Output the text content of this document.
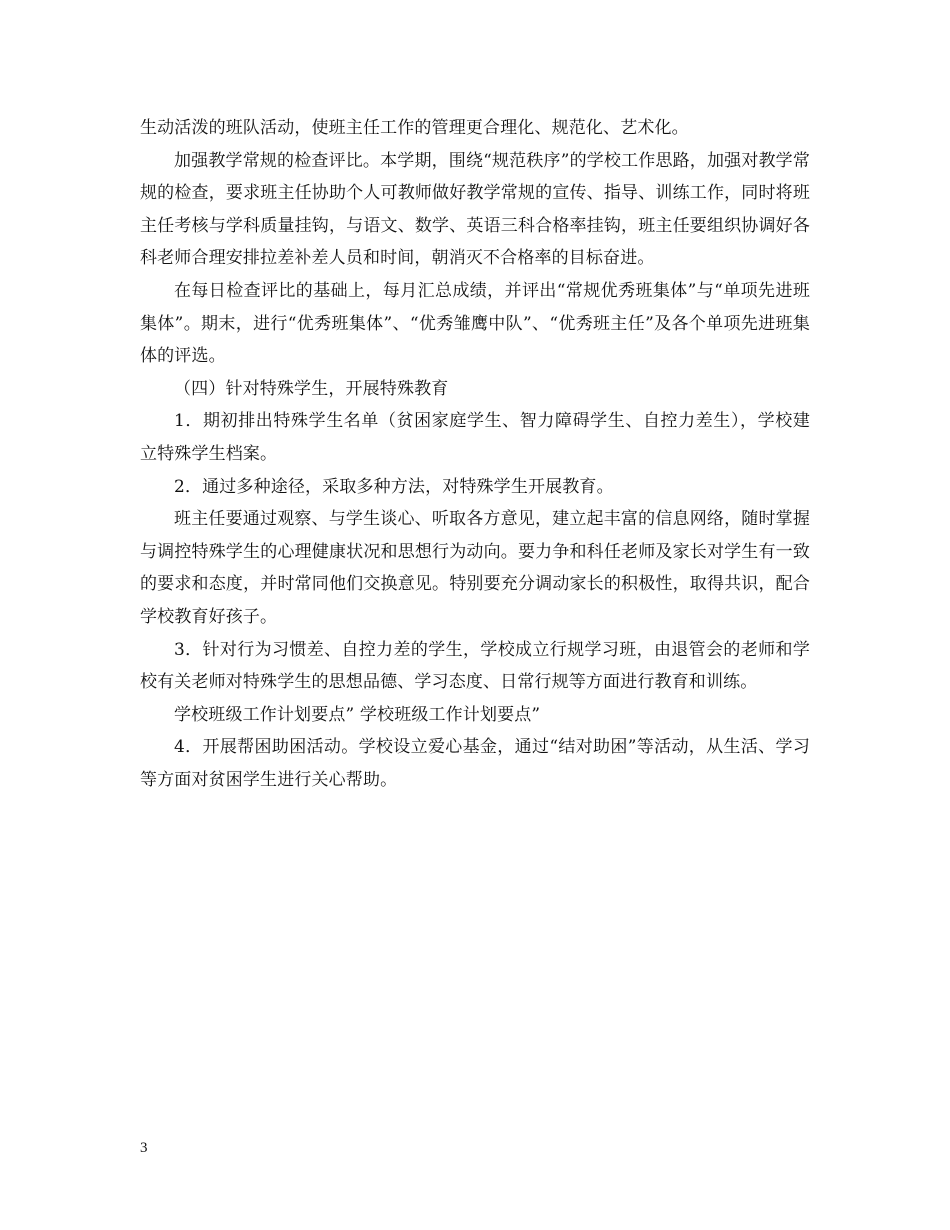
生动活泼的班队活动，使班主任工作的管理更合理化、规范化、艺术化。

加强教学常规的检查评比。本学期，围绕“规范秩序”的学校工作思路，加强对教学常规的检查，要求班主任协助个人可教师做好教学常规的宣传、指导、训练工作，同时将班主任考核与学科质量挂钩，与语文、数学、英语三科合格率挂钩，班主任要组织协调好各科老师合理安排拉差补差人员和时间，朝消灭不合格率的目标奋进。

在每日检查评比的基础上，每月汇总成绩，并评出“常规优秀班集体”与“单项先进班集体”。期末，进行“优秀班集体”、“优秀雏鹰中队”、“优秀班主任”及各个单项先进班集体的评选。

（四）针对特殊学生，开展特殊教育

1．期初排出特殊学生名单（贫困家庭学生、智力障碍学生、自控力差生），学校建立特殊学生档案。

2．通过多种途径，采取多种方法，对特殊学生开展教育。

班主任要通过观察、与学生谈心、听取各方意见，建立起丰富的信息网络，随时掌握与调控特殊学生的心理健康状况和思想行为动向。要力争和科任老师及家长对学生有一致的要求和态度，并时常同他们交换意见。特别要充分调动家长的积极性，取得共识，配合学校教育好孩子。

3．针对行为习惯差、自控力差的学生，学校成立行规学习班，由退管会的老师和学校有关老师对特殊学生的思想品德、学习态度、日常行规等方面进行教育和训练。

学校班级工作计划要点” 学校班级工作计划要点”

4．开展帮困助困活动。学校设立爱心基金，通过“结对助困”等活动，从生活、学习等方面对贫困学生进行关心帮助。

3
